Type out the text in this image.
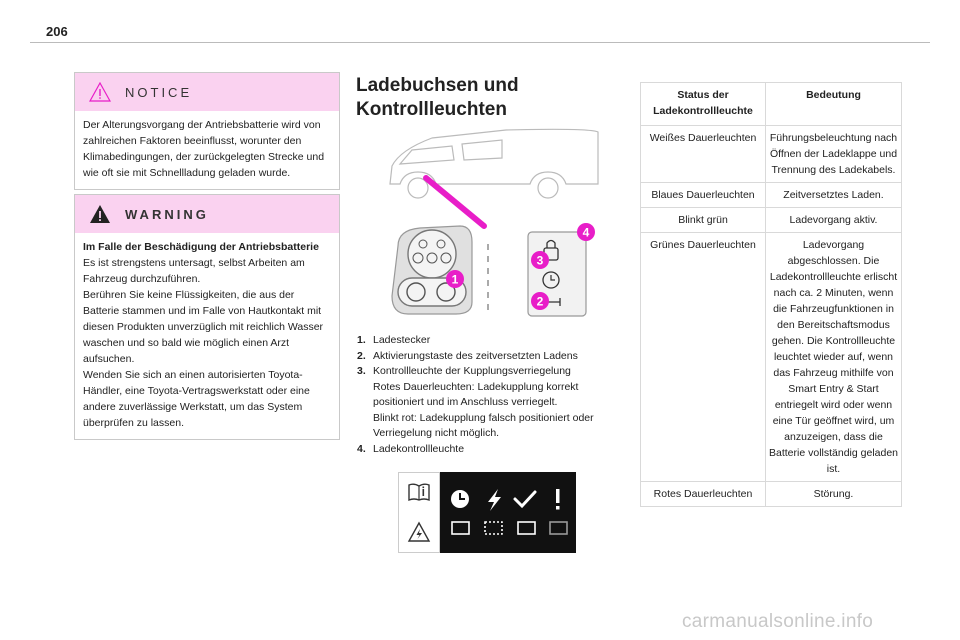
206
NOTICE

Der Alterungsvorgang der Antriebsbatterie wird von zahlreichen Faktoren beeinflusst, worunter den Klimabedingungen, der zurückgelegten Strecke und wie oft sie mit Schnellladung geladen wurde.

WARNING

Im Falle der Beschädigung der Antriebsbatterie

Es ist strengstens untersagt, selbst Arbeiten am Fahrzeug durchzuführen.

Berühren Sie keine Flüssigkeiten, die aus der Batterie stammen und im Falle von Hautkontakt mit diesen Produkten unverzüglich mit reichlich Wasser waschen und so bald wie möglich einen Arzt aufsuchen.

Wenden Sie sich an einen autorisierten Toyota-Händler, eine Toyota-Vertragswerkstatt oder eine andere zuverlässige Werkstatt, um das System überprüfen zu lassen.

Ladebuchsen und
Kontrollleuchten
1
2
3
4
1. Ladestecker

2. Aktivierungstaste des zeitversetzten Ladens

3. Kontrollleuchte der Kupplungsverriegelung

Rotes Dauerleuchten: Ladekupplung korrekt positioniert und im Anschluss verriegelt.

Blinkt rot: Ladekupplung falsch positioniert oder Verriegelung nicht möglich.

4. Ladekontrollleuchte

Status der Ladekontrollleuchte	Bedeutung
Weißes Dauerleuchten	Führungsbeleuchtung nach Öffnen der Ladeklappe und Trennung des Ladekabels.
Blaues Dauerleuchten	Zeitversetztes Laden.
Blinkt grün	Ladevorgang aktiv.
Grünes Dauerleuchten	Ladevorgang abgeschlossen. Die Ladekontrollleuchte erlischt nach ca. 2 Minuten, wenn die Fahrzeugfunktionen in den Bereitschaftsmodus gehen. Die Kontrollleuchte leuchtet wieder auf, wenn das Fahrzeug mithilfe von Smart Entry & Start entriegelt wird oder wenn eine Tür geöffnet wird, um anzuzeigen, dass die Batterie vollständig geladen ist.
Rotes Dauerleuchten	Störung.
carmanualsonline.info
